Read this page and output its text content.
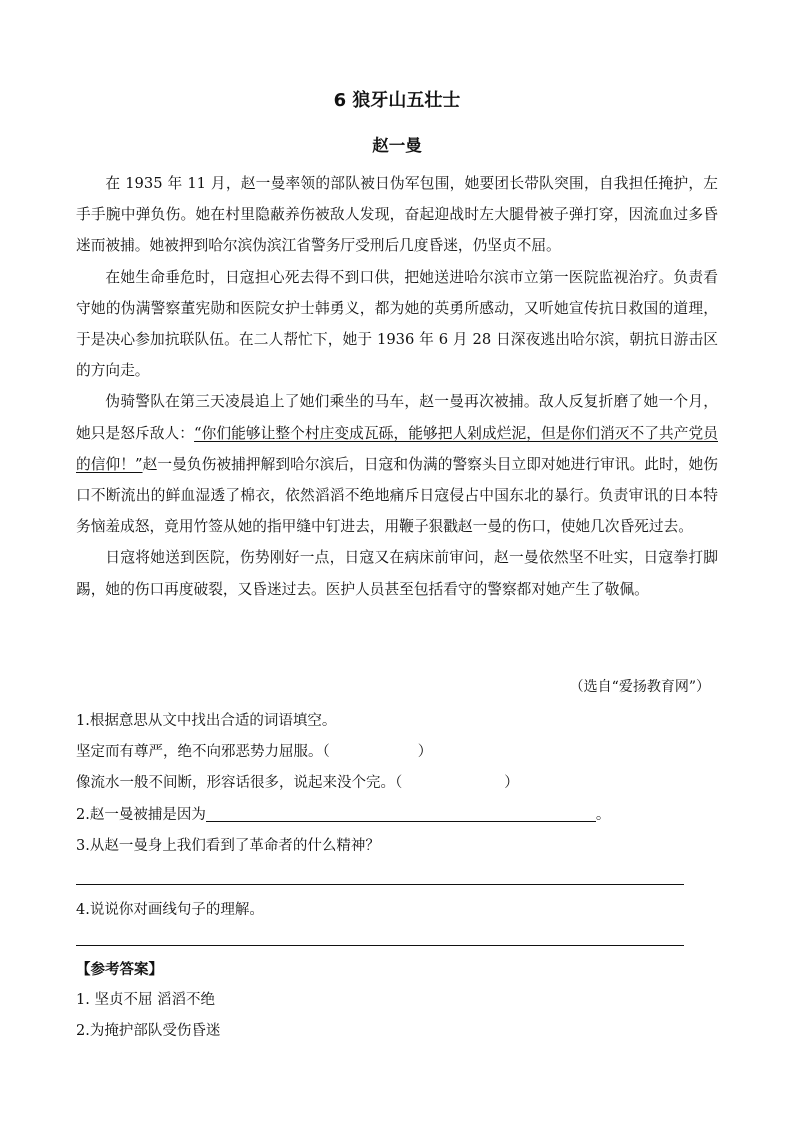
6 狼牙山五壮士
赵一曼

在 1935 年 11 月，赵一曼率领的部队被日伪军包围，她要团长带队突围，自我担任掩护，左手手腕中弹负伤。她在村里隐蔽养伤被敌人发现，奋起迎战时左大腿骨被子弹打穿，因流血过多昏迷而被捕。她被押到哈尔滨伪滨江省警务厅受刑后几度昏迷，仍坚贞不屈。

在她生命垂危时，日寇担心死去得不到口供，把她送进哈尔滨市立第一医院监视治疗。负责看守她的伪满警察董宪勋和医院女护士韩勇义，都为她的英勇所感动，又听她宣传抗日救国的道理，于是决心参加抗联队伍。在二人帮忙下，她于 1936 年 6 月 28 日深夜逃出哈尔滨，朝抗日游击区的方向走。

伪骑警队在第三天凌晨追上了她们乘坐的马车，赵一曼再次被捕。敌人反复折磨了她一个月，她只是怒斥敌人：“你们能够让整个村庄变成瓦砾，能够把人剁成烂泥，但是你们消灭不了共产党员的信仰！”赵一曼负伤被捕押解到哈尔滨后，日寇和伪满的警察头目立即对她进行审讯。此时，她伤口不断流出的鲜血湿透了棉衣，依然滔滔不绝地痛斥日寇侵占中国东北的暴行。负责审讯的日本特务恼羞成怒，竟用竹签从她的指甲缝中钉进去，用鞭子狠戳赵一曼的伤口，使她几次昏死过去。

日寇将她送到医院，伤势刚好一点，日寇又在病床前审问，赵一曼依然坚不吐实，日寇拳打脚踢，她的伤口再度破裂，又昏迷过去。医护人员甚至包括看守的警察都对她产生了敬佩。

（选自“爱扬教育网”）
1.根据意思从文中找出合适的词语填空。
坚定而有尊严，绝不向邪恶势力屈服。（	）
像流水一般不间断，形容话很多，说起来没个完。（	）
2.赵一曼被捕是因为	。
3.从赵一曼身上我们看到了革命者的什么精神？
4.说说你对画线句子的理解。
【参考答案】
1. 坚贞不屈 滔滔不绝
2.为掩护部队受伤昏迷
